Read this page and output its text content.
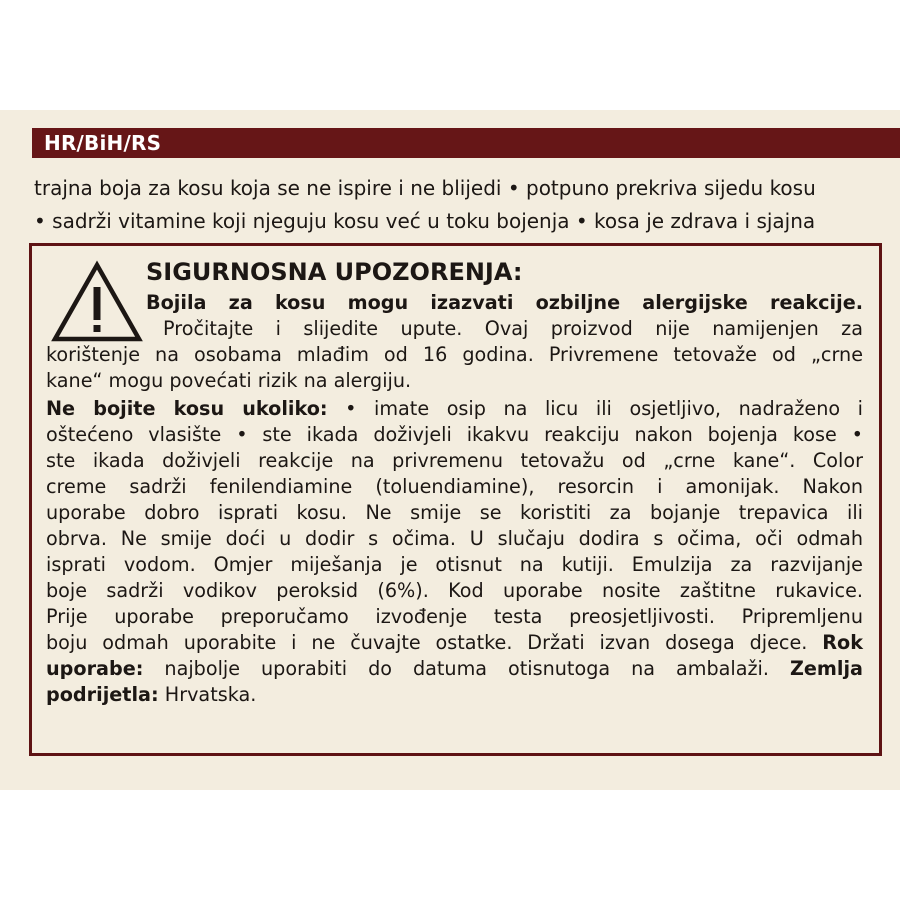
HR/BiH/RS
trajna boja za kosu koja se ne ispire i ne blijedi • potpuno prekriva sijedu kosu
• sadrži vitamine koji njeguju kosu već u toku bojenja • kosa je zdrava i sjajna
SIGURNOSNA UPOZORENJA:
Bojila za kosu mogu izazvati ozbiljne alergijske reakcije.
Pročitajte i slijedite upute. Ovaj proizvod nije namijenjen za
korištenje na osobama mlađim od 16 godina. Privremene tetovaže od „crne
kane“ mogu povećati rizik na alergiju.
Ne bojite kosu ukoliko: • imate osip na licu ili osjetljivo, nadraženo i
oštećeno vlasište • ste ikada doživjeli ikakvu reakciju nakon bojenja kose •
ste ikada doživjeli reakcije na privremenu tetovažu od „crne kane“. Color
creme sadrži fenilendiamine (toluendiamine), resorcin i amonijak. Nakon
uporabe dobro isprati kosu. Ne smije se koristiti za bojanje trepavica ili
obrva. Ne smije doći u dodir s očima. U slučaju dodira s očima, oči odmah
isprati vodom. Omjer miješanja je otisnut na kutiji. Emulzija za razvijanje
boje sadrži vodikov peroksid (6%). Kod uporabe nosite zaštitne rukavice.
Prije uporabe preporučamo izvođenje testa preosjetljivosti. Pripremljenu
boju odmah uporabite i ne čuvajte ostatke. Držati izvan dosega djece. Rok
uporabe: najbolje uporabiti do datuma otisnutoga na ambalaži. Zemlja
podrijetla: Hrvatska.
